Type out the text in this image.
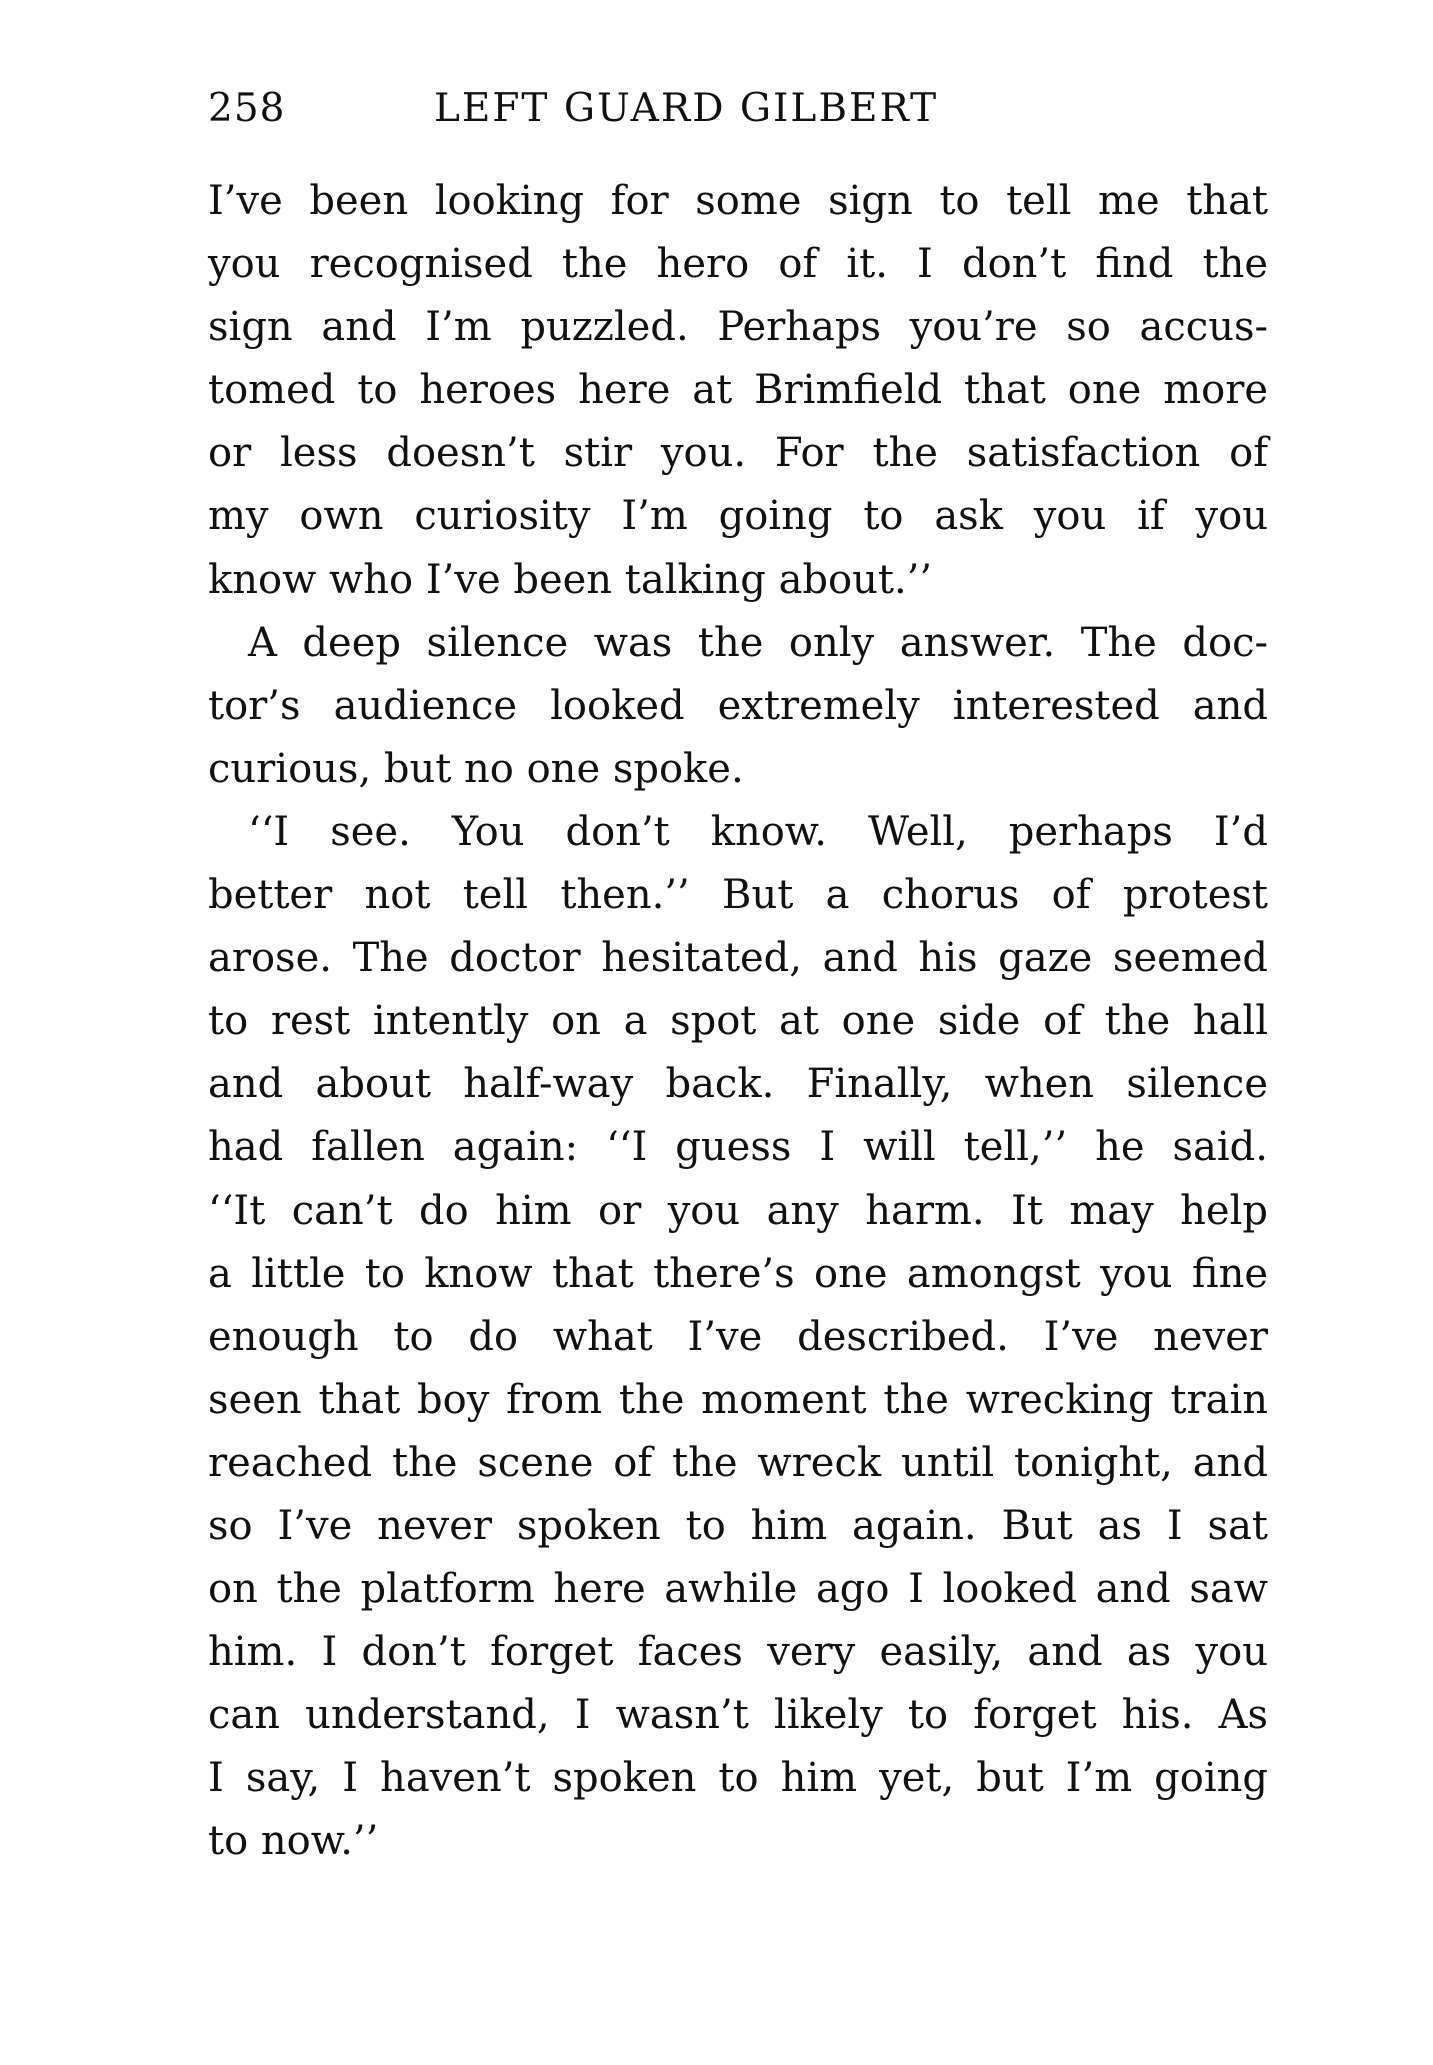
258	LEFT GUARD GILBERT
I’ve been looking for some sign to tell me that
you recognised the hero of it. I don’t find the
sign and I’m puzzled. Perhaps you’re so accus-
tomed to heroes here at Brimfield that one more
or less doesn’t stir you. For the satisfaction of
my own curiosity I’m going to ask you if you
know who I’ve been talking about.’’
A deep silence was the only answer. The doc-
tor’s audience looked extremely interested and
curious, but no one spoke.
‘‘I see. You don’t know. Well, perhaps I’d
better not tell then.’’ But a chorus of protest
arose. The doctor hesitated, and his gaze seemed
to rest intently on a spot at one side of the hall
and about half-way back. Finally, when silence
had fallen again: ‘‘I guess I will tell,’’ he said.
‘‘It can’t do him or you any harm. It may help
a little to know that there’s one amongst you fine
enough to do what I’ve described. I’ve never
seen that boy from the moment the wrecking train
reached the scene of the wreck until tonight, and
so I’ve never spoken to him again. But as I sat
on the platform here awhile ago I looked and saw
him. I don’t forget faces very easily, and as you
can understand, I wasn’t likely to forget his. As
I say, I haven’t spoken to him yet, but I’m going
to now.’’
